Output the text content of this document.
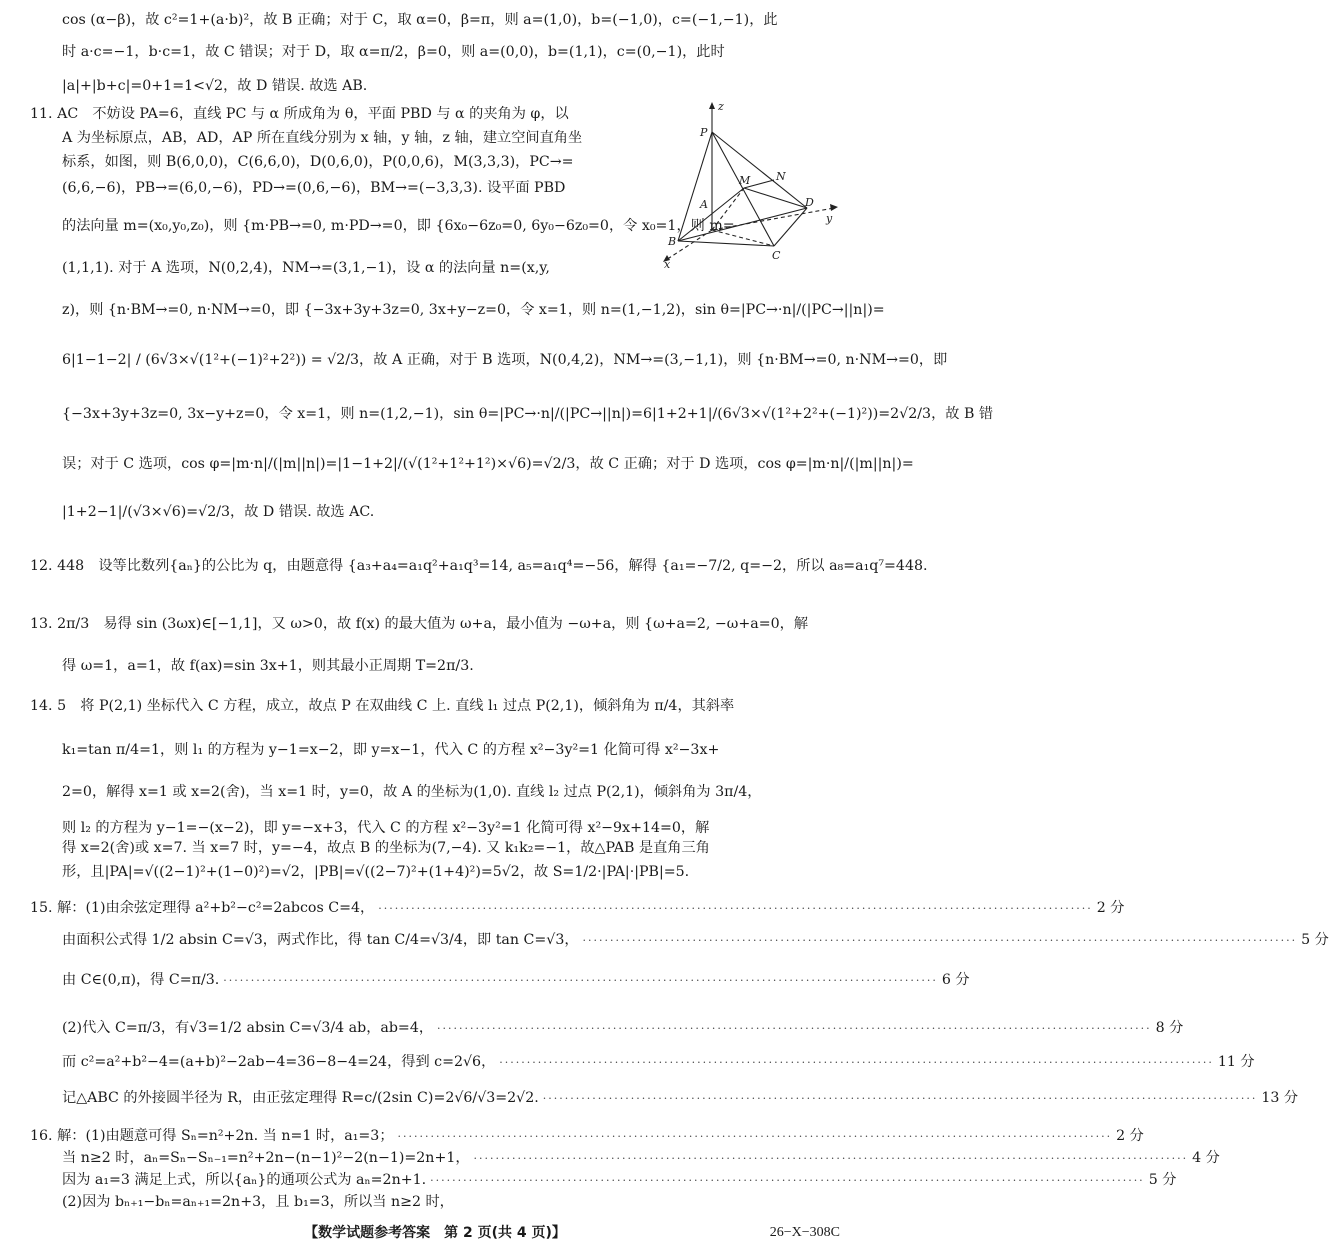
cos (α−β)，故 c²=1+(a·b)²，故 B 正确；对于 C，取 α=0，β=π，则 a=(1,0)，b=(−1,0)，c=(−1,−1)，此
时 a·c=−1，b·c=1，故 C 错误；对于 D，取 α=π/2，β=0，则 a=(0,0)，b=(1,1)，c=(0,−1)，此时
|a|+|b+c|=0+1=1<√2，故 D 错误. 故选 AB.
11. AC　不妨设 PA=6，直线 PC 与 α 所成角为 θ，平面 PBD 与 α 的夹角为 φ，以
A 为坐标原点，AB，AD，AP 所在直线分别为 x 轴，y 轴，z 轴，建立空间直角坐
标系，如图，则 B(6,0,0)，C(6,6,0)，D(0,6,0)，P(0,0,6)，M(3,3,3)，PC→=
(6,6,−6)，PB→=(6,0,−6)，PD→=(0,6,−6)，BM→=(−3,3,3). 设平面 PBD
的法向量 m=(x₀,y₀,z₀)，则 {m·PB→=0, m·PD→=0，即 {6x₀−6z₀=0, 6y₀−6z₀=0，令 x₀=1，则 m=
(1,1,1). 对于 A 选项，N(0,2,4)，NM→=(3,1,−1)，设 α 的法向量 n=(x,y,
z)，则 {n·BM→=0, n·NM→=0，即 {−3x+3y+3z=0, 3x+y−z=0，令 x=1，则 n=(1,−1,2)，sin θ=|PC→·n|/(|PC→||n|)=
6|1−1−2| / (6√3×√(1²+(−1)²+2²)) = √2/3，故 A 正确，对于 B 选项，N(0,4,2)，NM→=(3,−1,1)，则 {n·BM→=0, n·NM→=0，即
{−3x+3y+3z=0, 3x−y+z=0，令 x=1，则 n=(1,2,−1)，sin θ=|PC→·n|/(|PC→||n|)=6|1+2+1|/(6√3×√(1²+2²+(−1)²))=2√2/3，故 B 错
误；对于 C 选项，cos φ=|m·n|/(|m||n|)=|1−1+2|/(√(1²+1²+1²)×√6)=√2/3，故 C 正确；对于 D 选项，cos φ=|m·n|/(|m||n|)=
|1+2−1|/(√3×√6)=√2/3，故 D 错误. 故选 AC.
12. 448　设等比数列{aₙ}的公比为 q，由题意得 {a₃+a₄=a₁q²+a₁q³=14, a₅=a₁q⁴=−56，解得 {a₁=−7/2, q=−2，所以 a₈=a₁q⁷=448.
13. 2π/3　易得 sin (3ωx)∈[−1,1]，又 ω>0，故 f(x) 的最大值为 ω+a，最小值为 −ω+a，则 {ω+a=2, −ω+a=0，解
得 ω=1，a=1，故 f(ax)=sin 3x+1，则其最小正周期 T=2π/3.
14. 5　将 P(2,1) 坐标代入 C 方程，成立，故点 P 在双曲线 C 上. 直线 l₁ 过点 P(2,1)，倾斜角为 π/4，其斜率
k₁=tan π/4=1，则 l₁ 的方程为 y−1=x−2，即 y=x−1，代入 C 的方程 x²−3y²=1 化简可得 x²−3x+
2=0，解得 x=1 或 x=2(舍)，当 x=1 时，y=0，故 A 的坐标为(1,0). 直线 l₂ 过点 P(2,1)，倾斜角为 3π/4，
则 l₂ 的方程为 y−1=−(x−2)，即 y=−x+3，代入 C 的方程 x²−3y²=1 化简可得 x²−9x+14=0，解
得 x=2(舍)或 x=7. 当 x=7 时，y=−4，故点 B 的坐标为(7,−4). 又 k₁k₂=−1，故△PAB 是直角三角
形，且|PA|=√((2−1)²+(1−0)²)=√2，|PB|=√((2−7)²+(1+4)²)=5√2，故 S=1/2·|PA|·|PB|=5.
15. 解：(1)由余弦定理得 a²+b²−c²=2abcos C=4， ·····	2 分
由面积公式得 1/2 absin C=√3，两式作比，得 tan C/4=√3/4，即 tan C=√3， ·····	5 分
由 C∈(0,π)，得 C=π/3. ·····	6 分
(2)代入 C=π/3，有√3=1/2 absin C=√3/4 ab，ab=4， ·····	8 分
而 c²=a²+b²−4=(a+b)²−2ab−4=36−8−4=24，得到 c=2√6， ·····	11 分
记△ABC 的外接圆半径为 R，由正弦定理得 R=c/(2sin C)=2√6/√3=2√2. ·····	13 分
16. 解：(1)由题意可得 Sₙ=n²+2n. 当 n=1 时，a₁=3； ·····	2 分
当 n≥2 时，aₙ=Sₙ−Sₙ₋₁=n²+2n−(n−1)²−2(n−1)=2n+1， ·····	4 分
因为 a₁=3 满足上式，所以{aₙ}的通项公式为 aₙ=2n+1. ·····	5 分
(2)因为 bₙ₊₁−bₙ=aₙ₊₁=2n+3，且 b₁=3，所以当 n≥2 时，
z
P
N
M
A	D
y
B
C
x
【数学试题参考答案　第 2 页(共 4 页)】	26−X−308C
